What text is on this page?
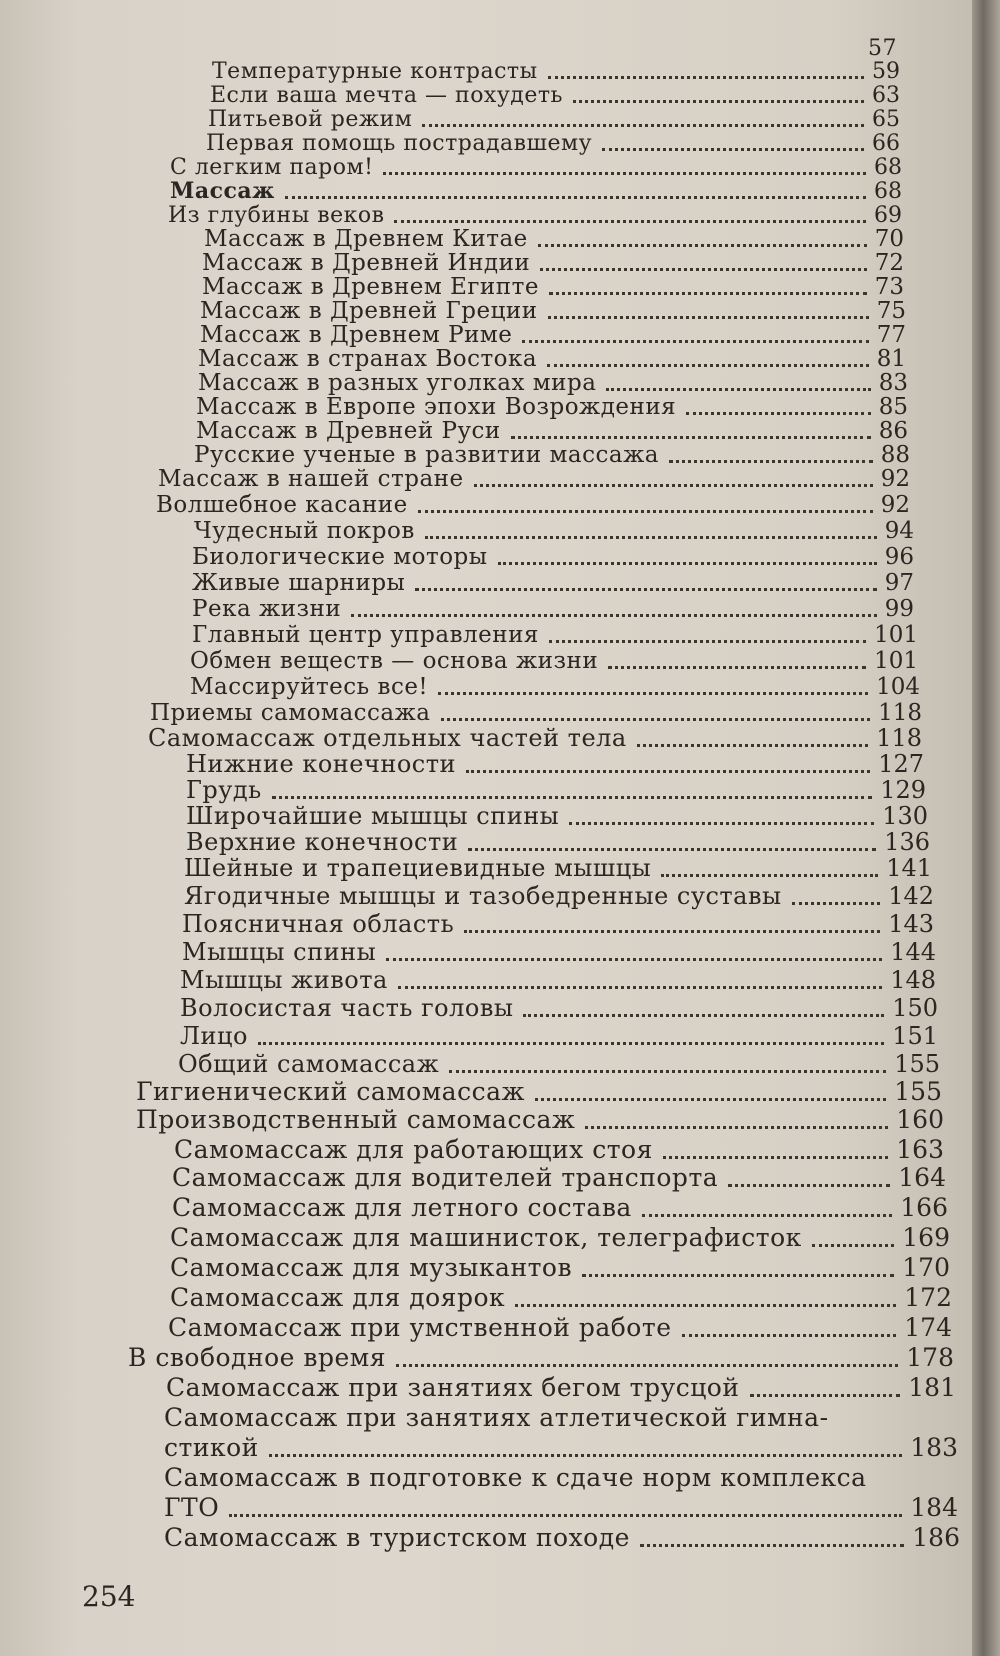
57
Температурные контрасты	59
Если ваша мечта — похудеть	63
Питьевой режим	65
Первая помощь пострадавшему	66
С легким паром!	68
Массаж	68
Из глубины веков	69
Массаж в Древнем Китае	70
Массаж в Древней Индии	72
Массаж в Древнем Египте	73
Массаж в Древней Греции	75
Массаж в Древнем Риме	77
Массаж в странах Востока	81
Массаж в разных уголках мира	83
Массаж в Европе эпохи Возрождения	85
Массаж в Древней Руси	86
Русские ученые в развитии массажа	88
Массаж в нашей стране	92
Волшебное касание	92
Чудесный покров	94
Биологические моторы	96
Живые шарниры	97
Река жизни	99
Главный центр управления	101
Обмен веществ — основа жизни	101
Массируйтесь все!	104
Приемы самомассажа	118
Самомассаж отдельных частей тела	118
Нижние конечности	127
Грудь	129
Широчайшие мышцы спины	130
Верхние конечности	136
Шейные и трапециевидные мышцы	141
Ягодичные мышцы и тазобедренные суставы	142
Поясничная область	143
Мышцы спины	144
Мышцы живота	148
Волосистая часть головы	150
Лицо	151
Общий самомассаж	155
Гигиенический самомассаж	155
Производственный самомассаж	160
Самомассаж для работающих стоя	163
Самомассаж для водителей транспорта	164
Самомассаж для летного состава	166
Самомассаж для машинисток, телеграфисток	169
Самомассаж для музыкантов	170
Самомассаж для доярок	172
Самомассаж при умственной работе	174
В свободное время	178
Самомассаж при занятиях бегом трусцой	181
Самомассаж при занятиях атлетической гимна-
стикой	183
Самомассаж в подготовке к сдаче норм комплекса
ГТО	184
Самомассаж в туристском походе	186
254
